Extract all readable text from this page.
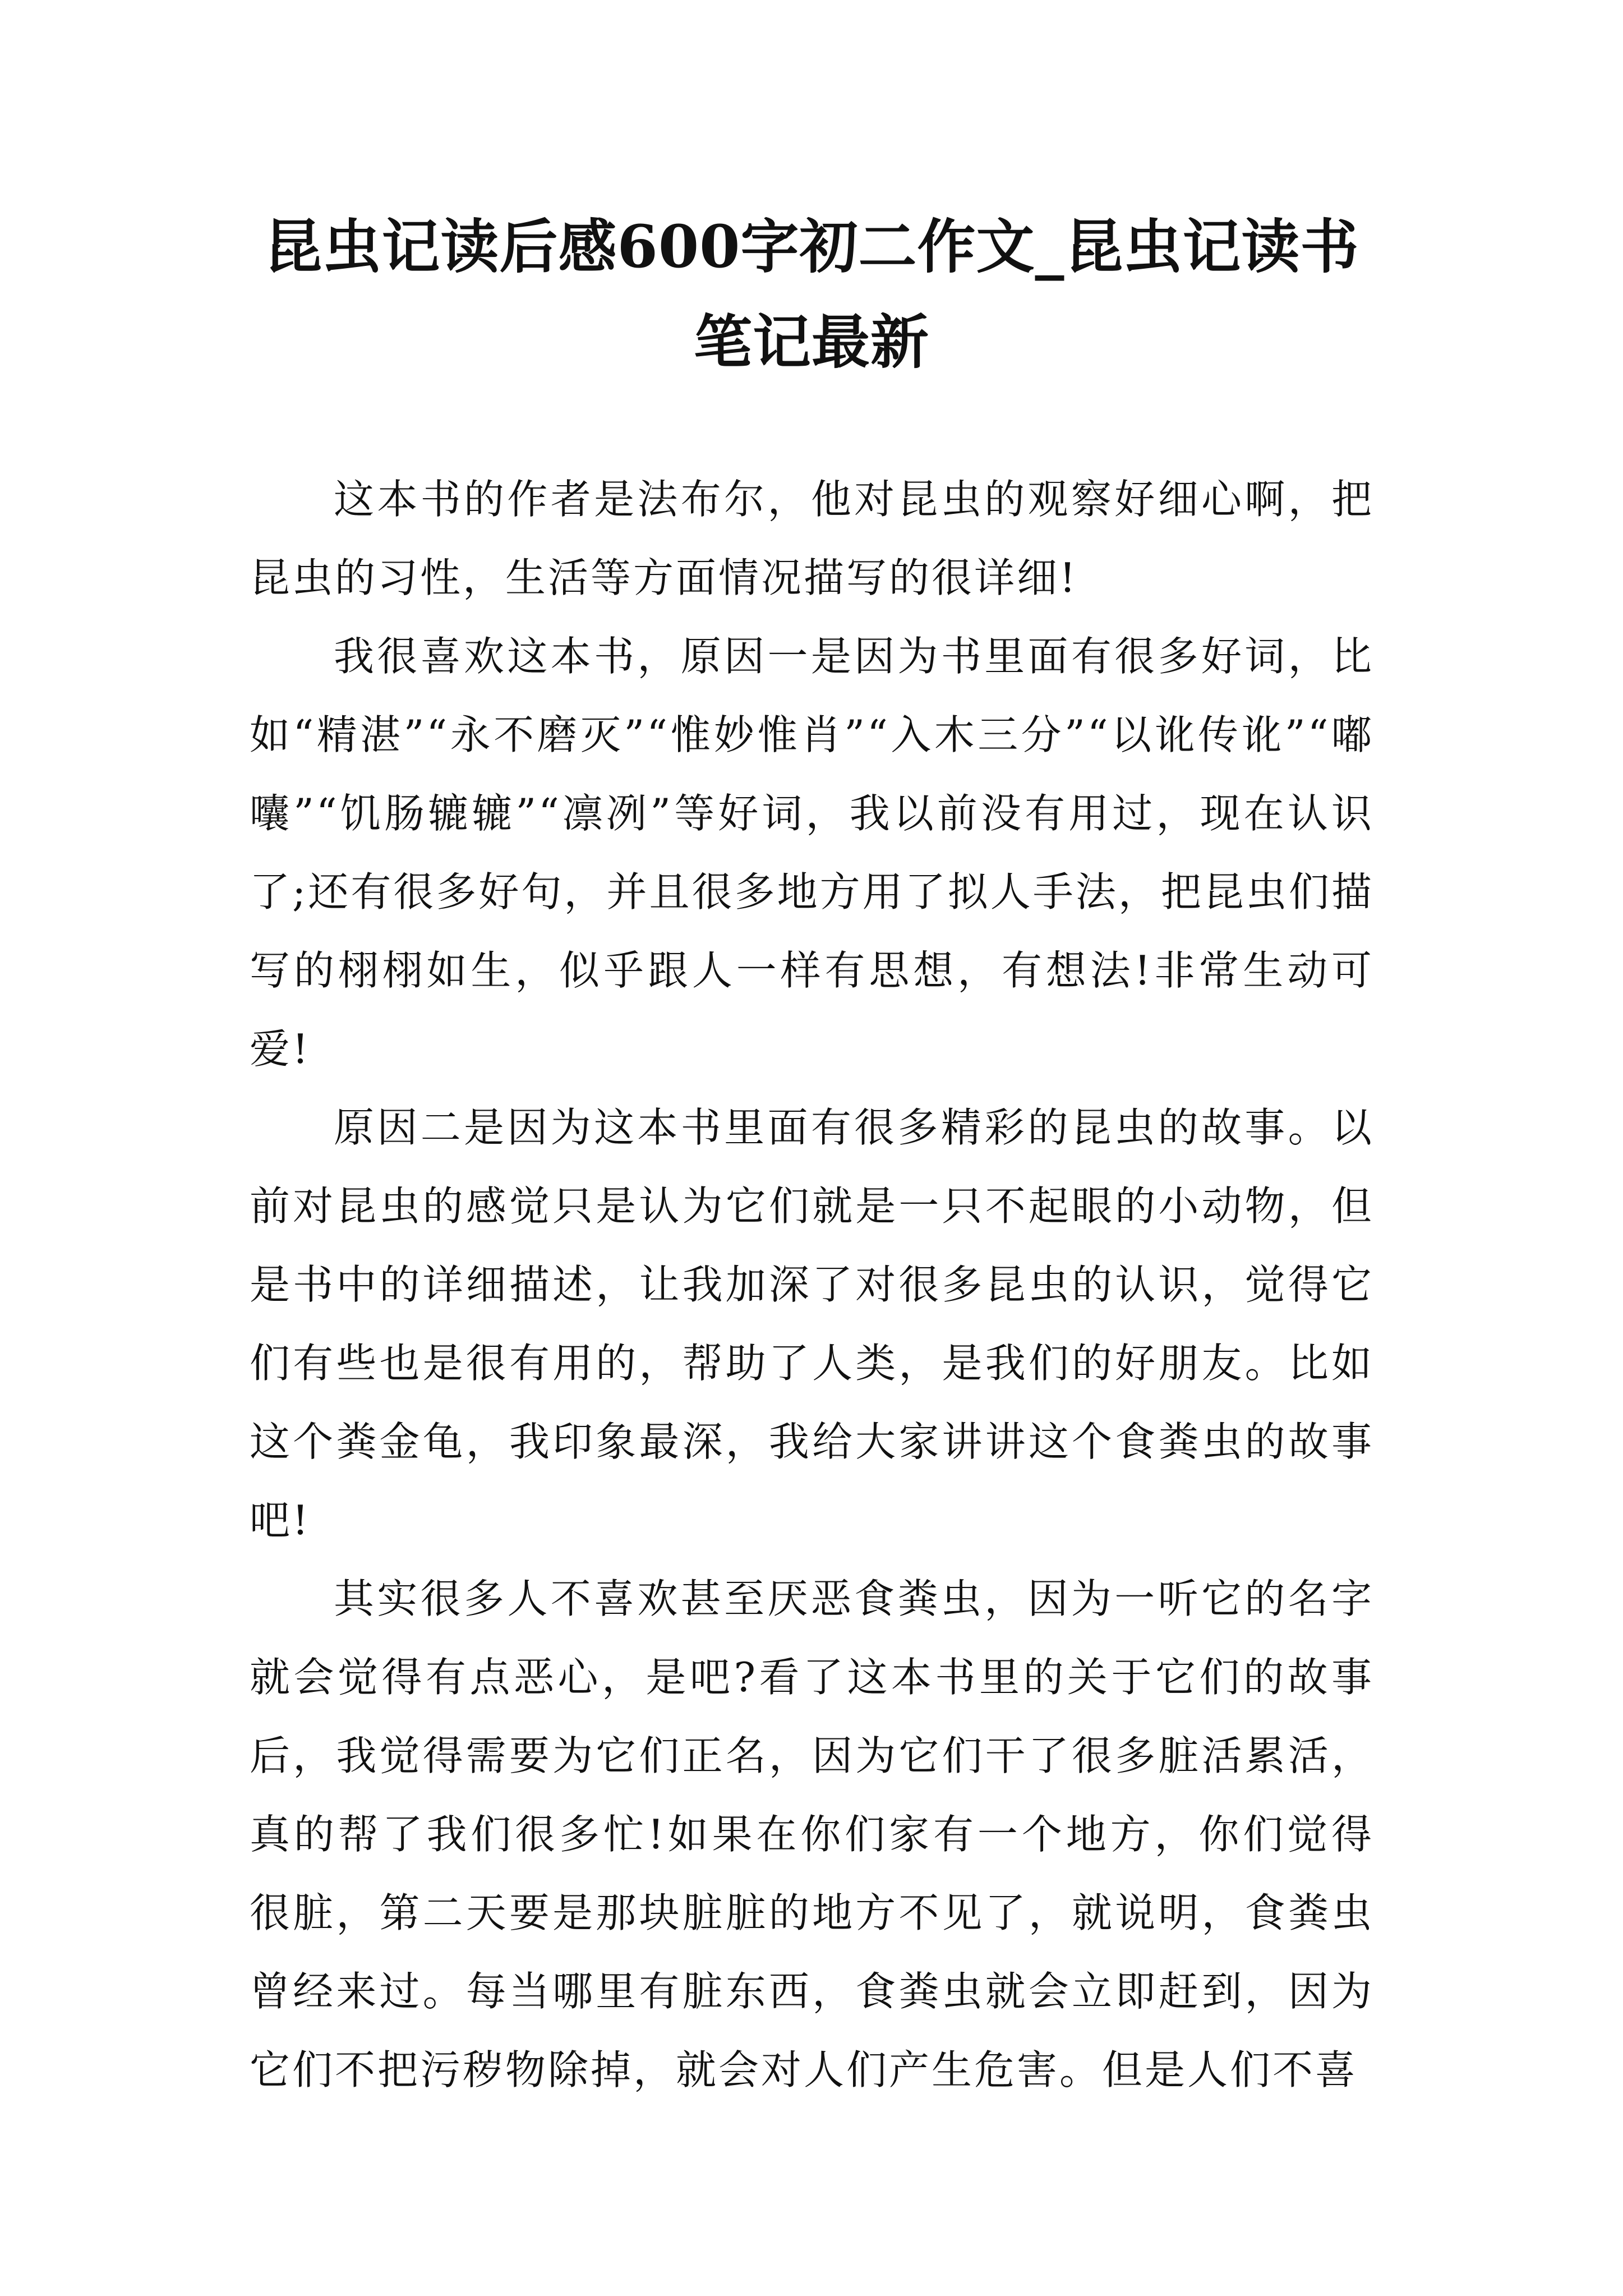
昆虫记读后感600字初二作文_昆虫记读书
笔记最新

这本书的作者是法布尔，他对昆虫的观察好细心啊，把昆虫的习性，生活等方面情况描写的很详细!

我很喜欢这本书，原因一是因为书里面有很多好词，比如“精湛”“永不磨灭”“惟妙惟肖”“入木三分”“以讹传讹”“嘟囔”“饥肠辘辘”“凛冽”等好词，我以前没有用过，现在认识了;还有很多好句，并且很多地方用了拟人手法，把昆虫们描写的栩栩如生，似乎跟人一样有思想，有想法!非常生动可爱!

原因二是因为这本书里面有很多精彩的昆虫的故事。以前对昆虫的感觉只是认为它们就是一只不起眼的小动物，但是书中的详细描述，让我加深了对很多昆虫的认识，觉得它们有些也是很有用的，帮助了人类，是我们的好朋友。比如这个粪金龟，我印象最深，我给大家讲讲这个食粪虫的故事吧!

其实很多人不喜欢甚至厌恶食粪虫，因为一听它的名字就会觉得有点恶心，是吧?看了这本书里的关于它们的故事后，我觉得需要为它们正名，因为它们干了很多脏活累活，真的帮了我们很多忙!如果在你们家有一个地方，你们觉得很脏，第二天要是那块脏脏的地方不见了，就说明，食粪虫曾经来过。每当哪里有脏东西，食粪虫就会立即赶到，因为它们不把污秽物除掉，就会对人们产生危害。但是人们不喜
